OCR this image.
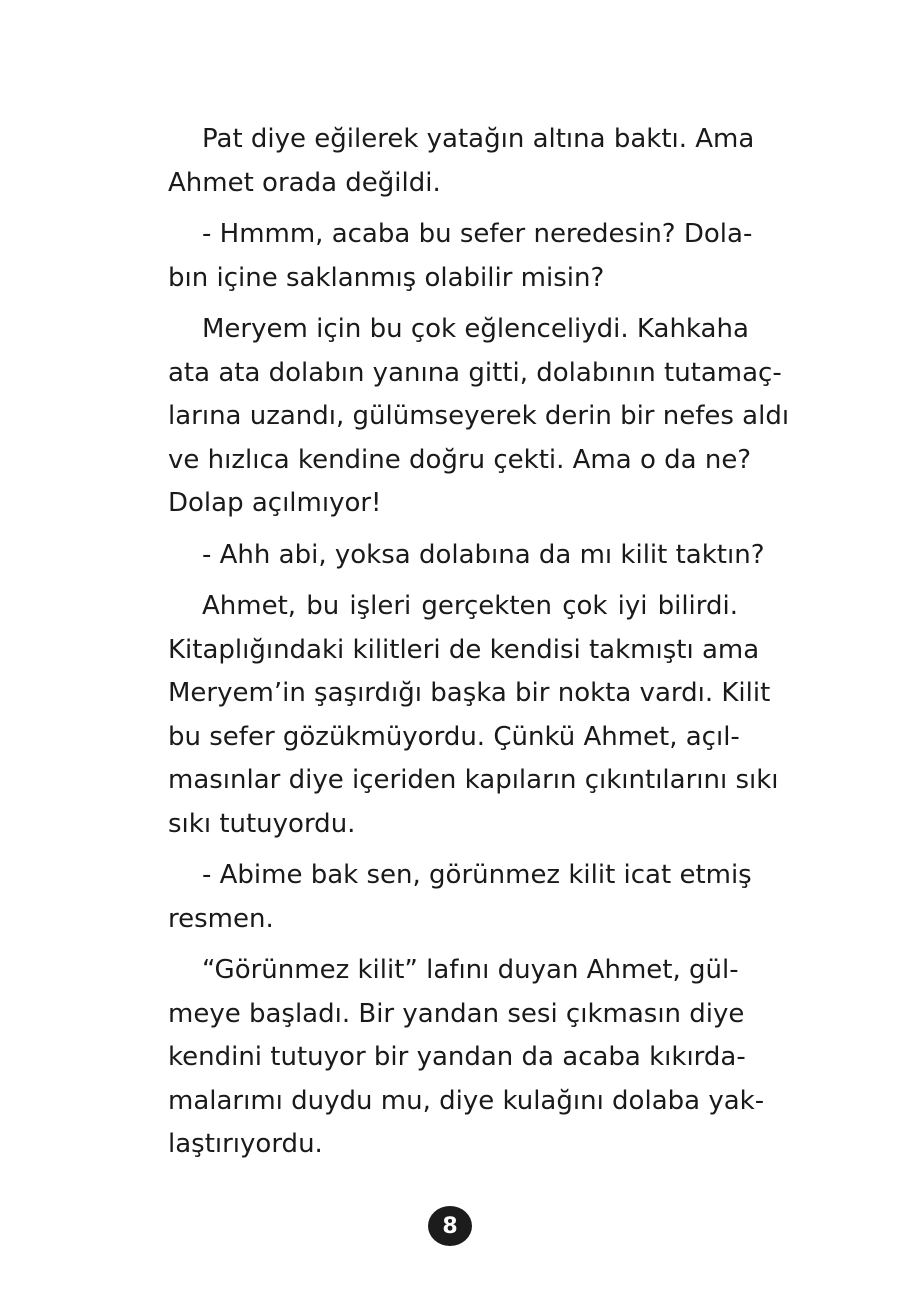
Pat diye eğilerek yatağın altına baktı. Ama
Ahmet orada değildi.
- Hmmm, acaba bu sefer neredesin? Dola-
bın içine saklanmış olabilir misin?
Meryem için bu çok eğlenceliydi. Kahkaha
ata ata dolabın yanına gitti, dolabının tutamaç-
larına uzandı, gülümseyerek derin bir nefes aldı
ve hızlıca kendine doğru çekti. Ama o da ne?
Dolap açılmıyor!
- Ahh abi, yoksa dolabına da mı kilit taktın?
Ahmet, bu işleri gerçekten çok iyi bilirdi.
Kitaplığındaki kilitleri de kendisi takmıştı ama
Meryem’in şaşırdığı başka bir nokta vardı. Kilit
bu sefer gözükmüyordu. Çünkü Ahmet, açıl-
masınlar diye içeriden kapıların çıkıntılarını sıkı
sıkı tutuyordu.
- Abime bak sen, görünmez kilit icat etmiş
resmen.
“Görünmez kilit” lafını duyan Ahmet, gül-
meye başladı. Bir yandan sesi çıkmasın diye
kendini tutuyor bir yandan da acaba kıkırda-
malarımı duydu mu, diye kulağını dolaba yak-
laştırıyordu.
8
